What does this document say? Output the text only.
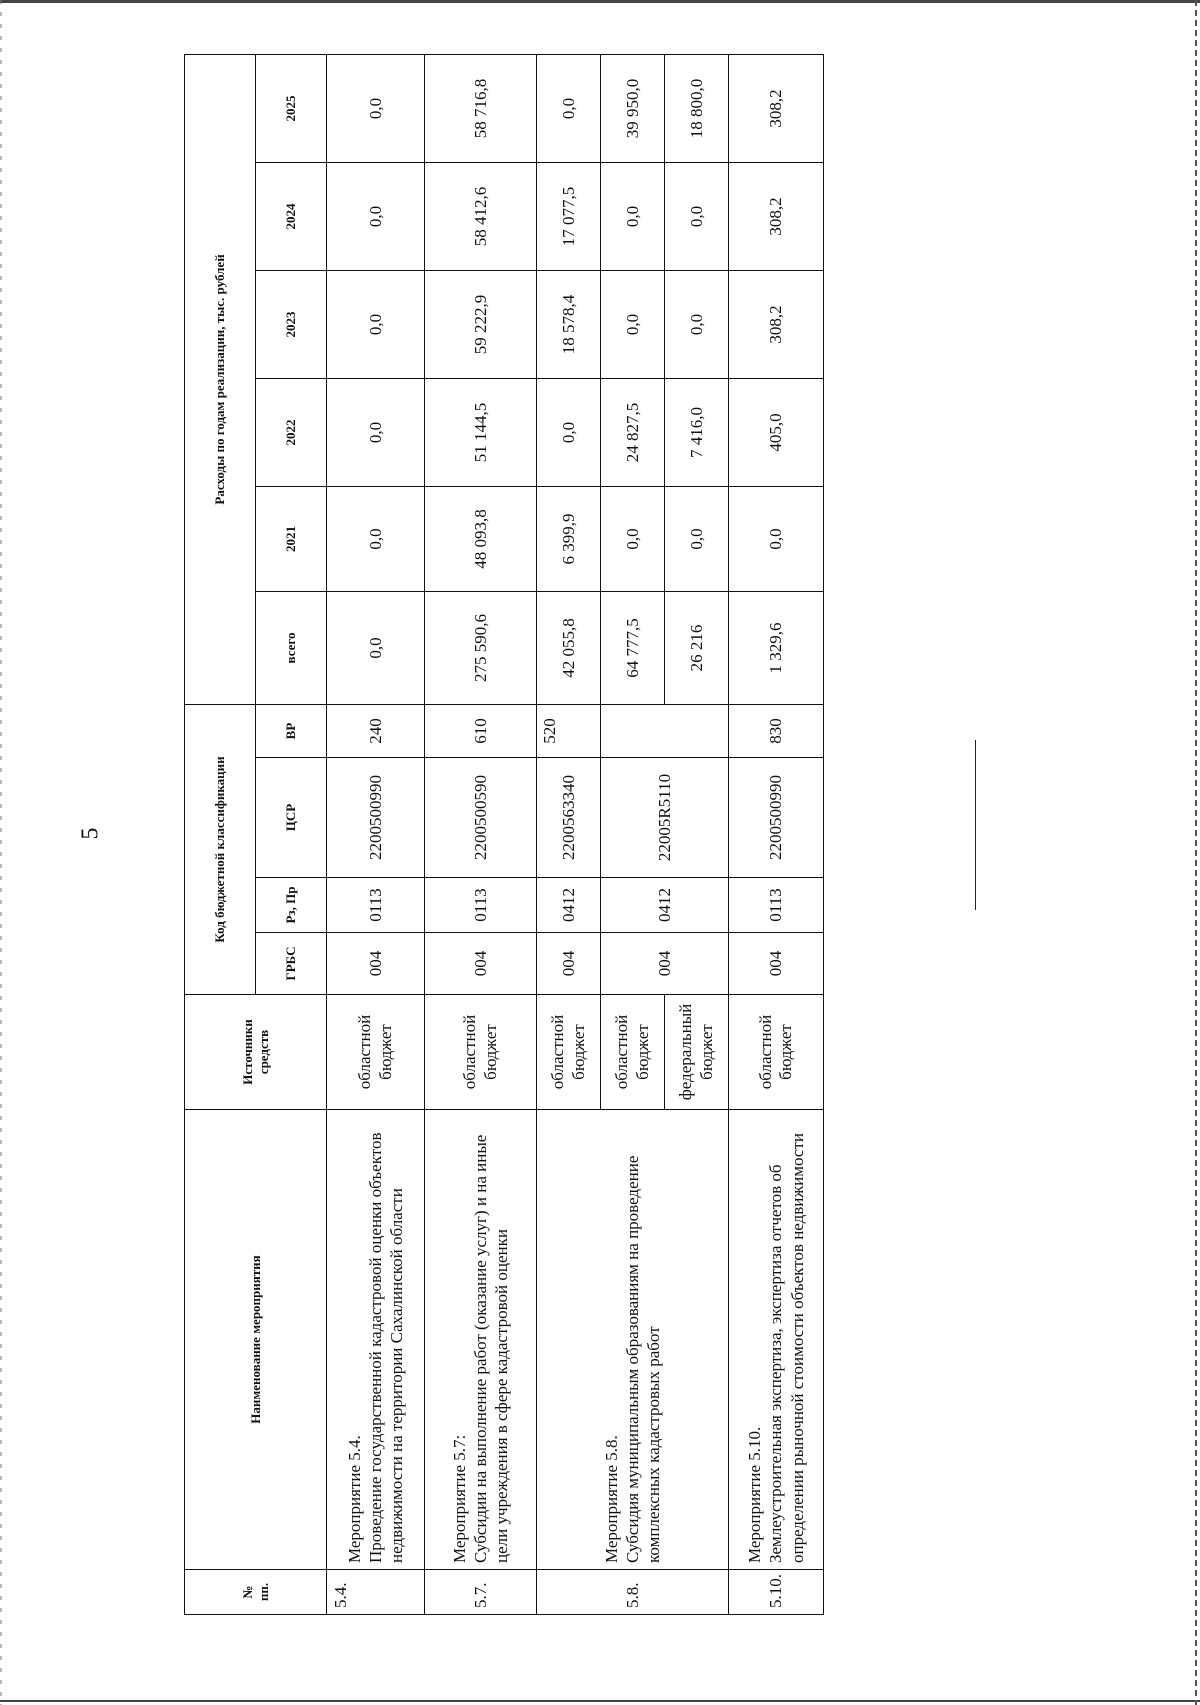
5
№ пп.	Наименование мероприятия	Источники средств	Код бюджетной классификации				Расходы по годам реализации, тыс. рублей					
			ГРБС	Рз, Пр	ЦСР	ВР	всего	2021	2022	2023	2024	2025
5.4.	Мероприятие 5.4. Проведение государственной кадастровой оценки объектов недвижимости на территории Сахалинской области	областной бюджет	004	0113	2200500990	240	0,0	0,0	0,0	0,0	0,0	0,0
5.7.	Мероприятие 5.7: Субсидии на выполнение работ (оказание услуг) и на иные цели учреждения в сфере кадастровой оценки	областной бюджет	004	0113	2200500590	610	275 590,6	48 093,8	51 144,5	59 222,9	58 412,6	58 716,8
5.8.	Мероприятие 5.8. Субсидия муниципальным образованиям на проведение комплексных кадастровых работ	областной бюджет	004	0412	2200563340	520	42 055,8	6 399,9	0,0	18 578,4	17 077,5	0,0
		областной бюджет	004	0412	22005R5110		64 777,5	0,0	24 827,5	0,0	0,0	39 950,0
		федеральный бюджет					26 216	0,0	7 416,0	0,0	0,0	18 800,0
5.10.	Мероприятие 5.10. Землеустроительная экспертиза, экспертиза отчетов об определении рыночной стоимости объектов недвижимости	областной бюджет	004	0113	2200500990	830	1 329,6	0,0	405,0	308,2	308,2	308,2
